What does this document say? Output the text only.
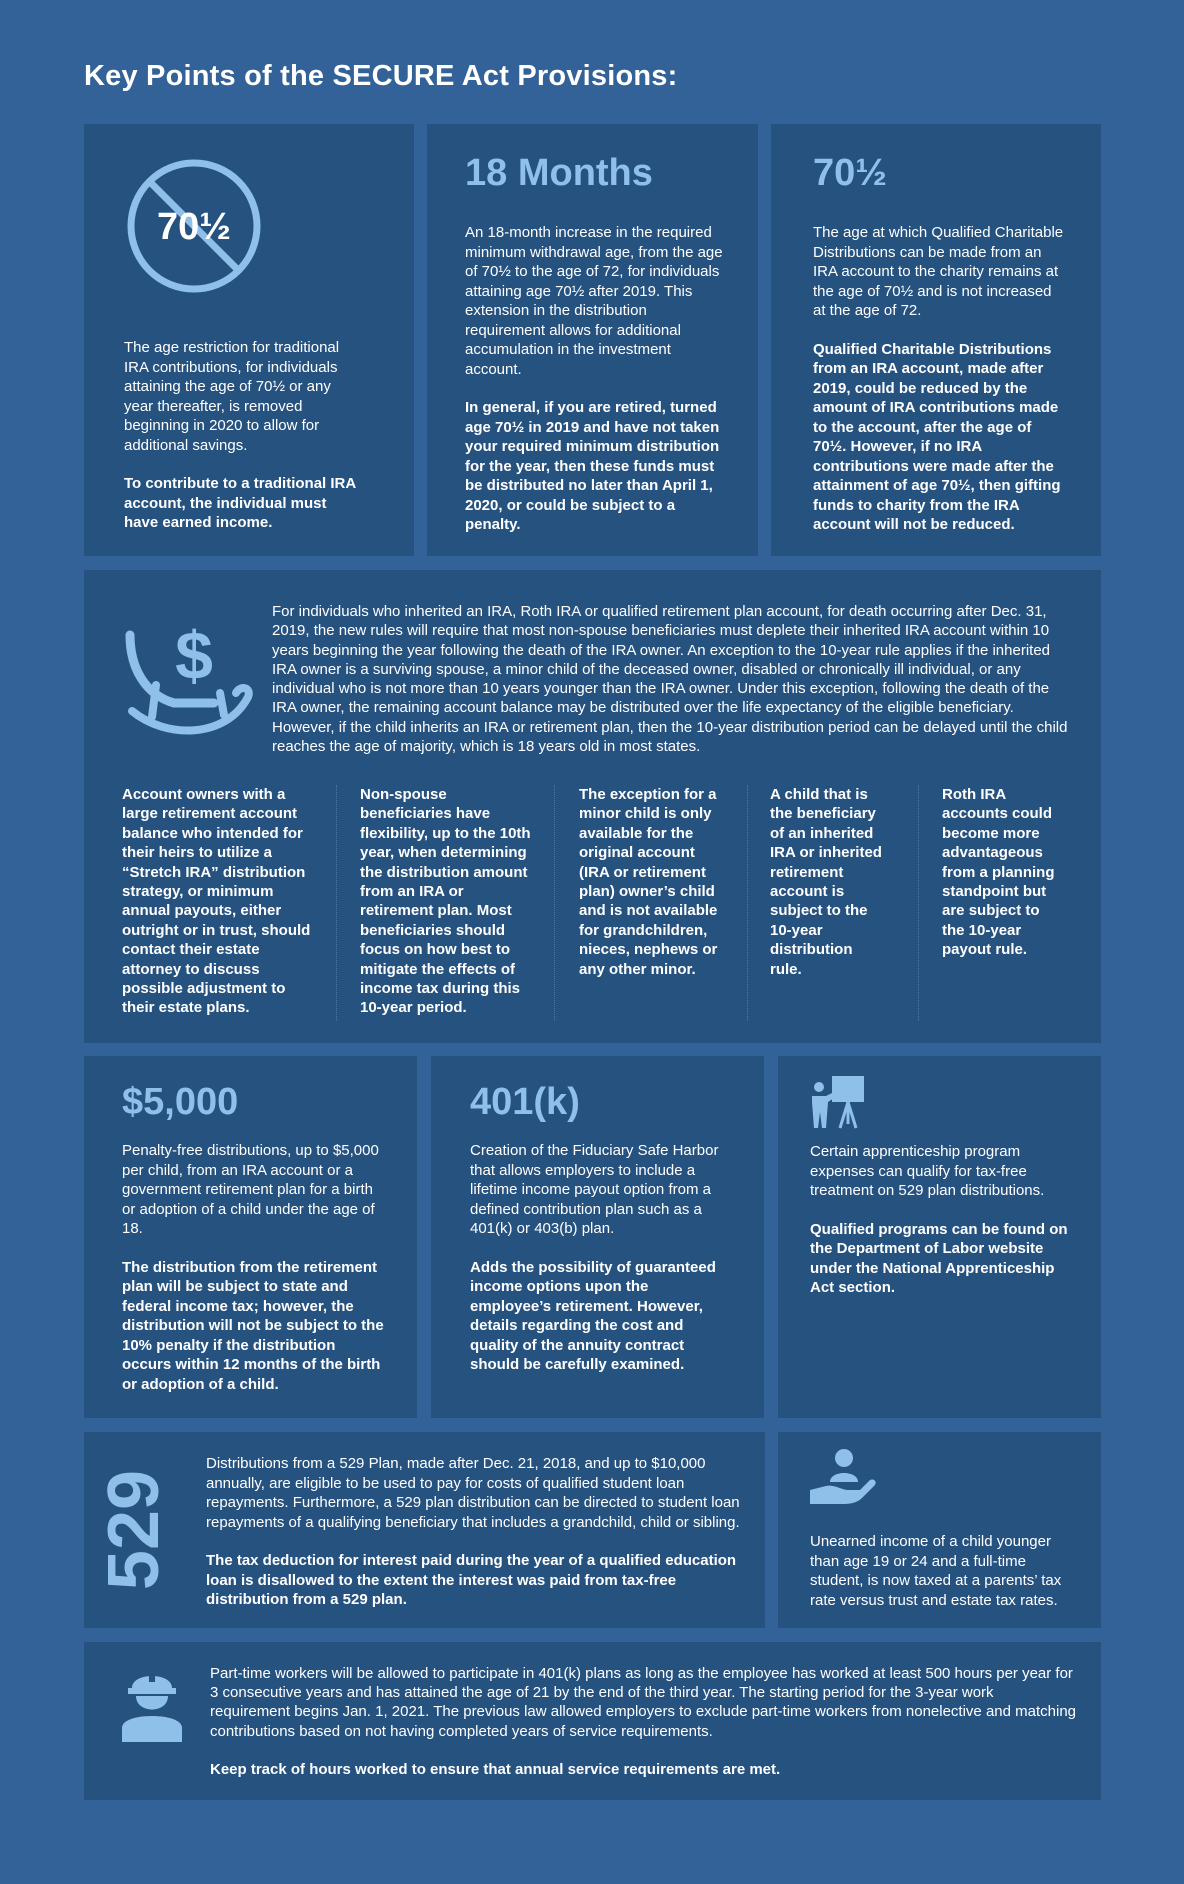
Key Points of the SECURE Act Provisions:
70½

The age restriction for traditional IRA contributions, for individuals attaining the age of 70½ or any year thereafter, is removed beginning in 2020 to allow for additional savings.

To contribute to a traditional IRA account, the individual must have earned income.

18 Months

An 18-month increase in the required minimum withdrawal age, from the age of 70½ to the age of 72, for individuals attaining age 70½ after 2019. This extension in the distribution requirement allows for additional accumulation in the investment account.

In general, if you are retired, turned age 70½ in 2019 and have not taken your required minimum distribution for the year, then these funds must be distributed no later than April 1, 2020, or could be subject to a penalty.

70½

The age at which Qualified Charitable Distributions can be made from an IRA account to the charity remains at the age of 70½ and is not increased at the age of 72.

Qualified Charitable Distributions from an IRA account, made after 2019, could be reduced by the amount of IRA contributions made to the account, after the age of 70½. However, if no IRA contributions were made after the attainment of age 70½, then gifting funds to charity from the IRA account will not be reduced.

$

For individuals who inherited an IRA, Roth IRA or qualified retirement plan account, for death occurring after Dec. 31, 2019, the new rules will require that most non-spouse beneficiaries must deplete their inherited IRA account within 10 years beginning the year following the death of the IRA owner. An exception to the 10-year rule applies if the inherited IRA owner is a surviving spouse, a minor child of the deceased owner, disabled or chronically ill individual, or any individual who is not more than 10 years younger than the IRA owner. Under this exception, following the death of the IRA owner, the remaining account balance may be distributed over the life expectancy of the eligible beneficiary. However, if the child inherits an IRA or retirement plan, then the 10-year distribution period can be delayed until the child reaches the age of majority, which is 18 years old in most states.

Account owners with a large retirement account balance who intended for their heirs to utilize a “Stretch IRA” distribution strategy, or minimum annual payouts, either outright or in trust, should contact their estate attorney to discuss possible adjustment to their estate plans.
Non-spouse beneficiaries have flexibility, up to the 10th year, when determining the distribution amount from an IRA or retirement plan. Most beneficiaries should focus on how best to mitigate the effects of income tax during this 10-year period.
The exception for a minor child is only available for the original account (IRA or retirement plan) owner’s child and is not available for grandchildren, nieces, nephews or any other minor.
A child that is the beneficiary of an inherited IRA or inherited retirement account is subject to the 10-year distribution rule.
Roth IRA accounts could become more advantageous from a planning standpoint but are subject to the 10-year payout rule.
$5,000

Penalty-free distributions, up to $5,000 per child, from an IRA account or a government retirement plan for a birth or adoption of a child under the age of 18.

The distribution from the retirement plan will be subject to state and federal income tax; however, the distribution will not be subject to the 10% penalty if the distribution occurs within 12 months of the birth or adoption of a child.

401(k)

Creation of the Fiduciary Safe Harbor that allows employers to include a lifetime income payout option from a defined contribution plan such as a 401(k) or 403(b) plan.

Adds the possibility of guaranteed income options upon the employee’s retirement. However, details regarding the cost and quality of the annuity contract should be carefully examined.

Certain apprenticeship program expenses can qualify for tax-free treatment on 529 plan distributions.

Qualified programs can be found on the Department of Labor website under the National Apprenticeship Act section.

529

Distributions from a 529 Plan, made after Dec. 21, 2018, and up to $10,000 annually, are eligible to be used to pay for costs of qualified student loan repayments. Furthermore, a 529 plan distribution can be directed to student loan repayments of a qualifying beneficiary that includes a grandchild, child or sibling.

The tax deduction for interest paid during the year of a qualified education loan is disallowed to the extent the interest was paid from tax-free distribution from a 529 plan.

Unearned income of a child younger than age 19 or 24 and a full-time student, is now taxed at a parents’ tax rate versus trust and estate tax rates.

Part-time workers will be allowed to participate in 401(k) plans as long as the employee has worked at least 500 hours per year for 3 consecutive years and has attained the age of 21 by the end of the third year. The starting period for the 3-year work requirement begins Jan. 1, 2021. The previous law allowed employers to exclude part-time workers from nonelective and matching contributions based on not having completed years of service requirements.

Keep track of hours worked to ensure that annual service requirements are met.
